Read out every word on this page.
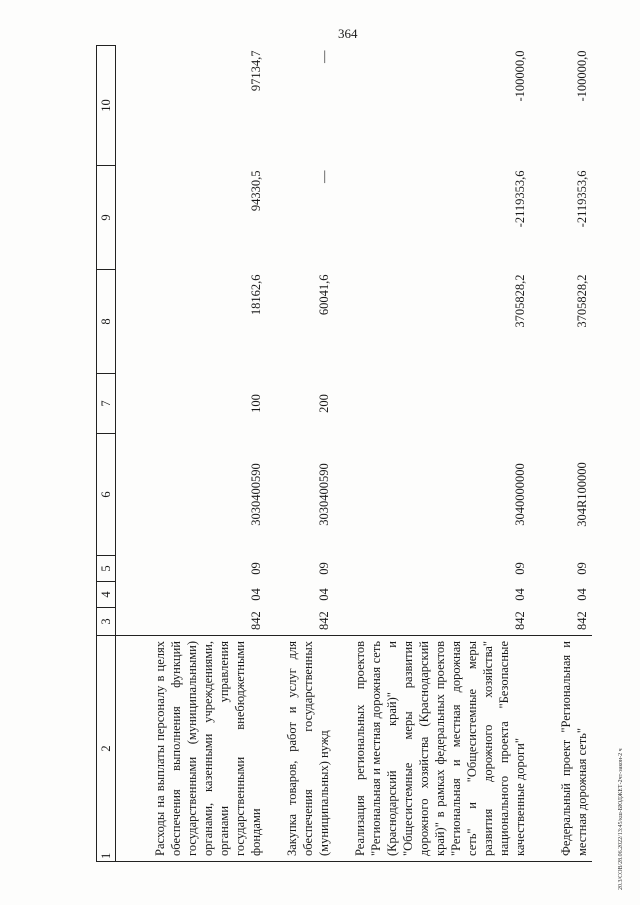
364
20.3/СОВ/28.06.2022/13:45/кш-БЮДЖЕТ-2чт-закон-2 ч
1	2	3	4	5	6	7	8	9	10
	Расходы на выплаты персоналу в целях обеспечения выполнения функций государственными (муниципальными) органами, казенными учреждениями, органами управления государственными внебюджетными фондами	842	04	09	3030400590	100	18162,6	94330,5	97134,7
	Закупка товаров, работ и услуг для обеспечения государственных (муниципальных) нужд	842	04	09	3030400590	200	60041,6	—	—
	Реализация региональных проектов "Региональная и местная дорожная сеть (Краснодарский край)" и "Общесистемные меры развития дорожного хозяйства (Краснодарский край)" в рамках федеральных проектов "Региональная и местная дорожная сеть" и "Общесистемные меры развития дорожного хозяйства" национального проекта "Безопасные качественные дороги"	842	04	09	3040000000		3705828,2	-2119353,6	-100000,0
	Федеральный проект "Региональная и местная дорожная сеть"	842	04	09	304R100000		3705828,2	-2119353,6	-100000,0
